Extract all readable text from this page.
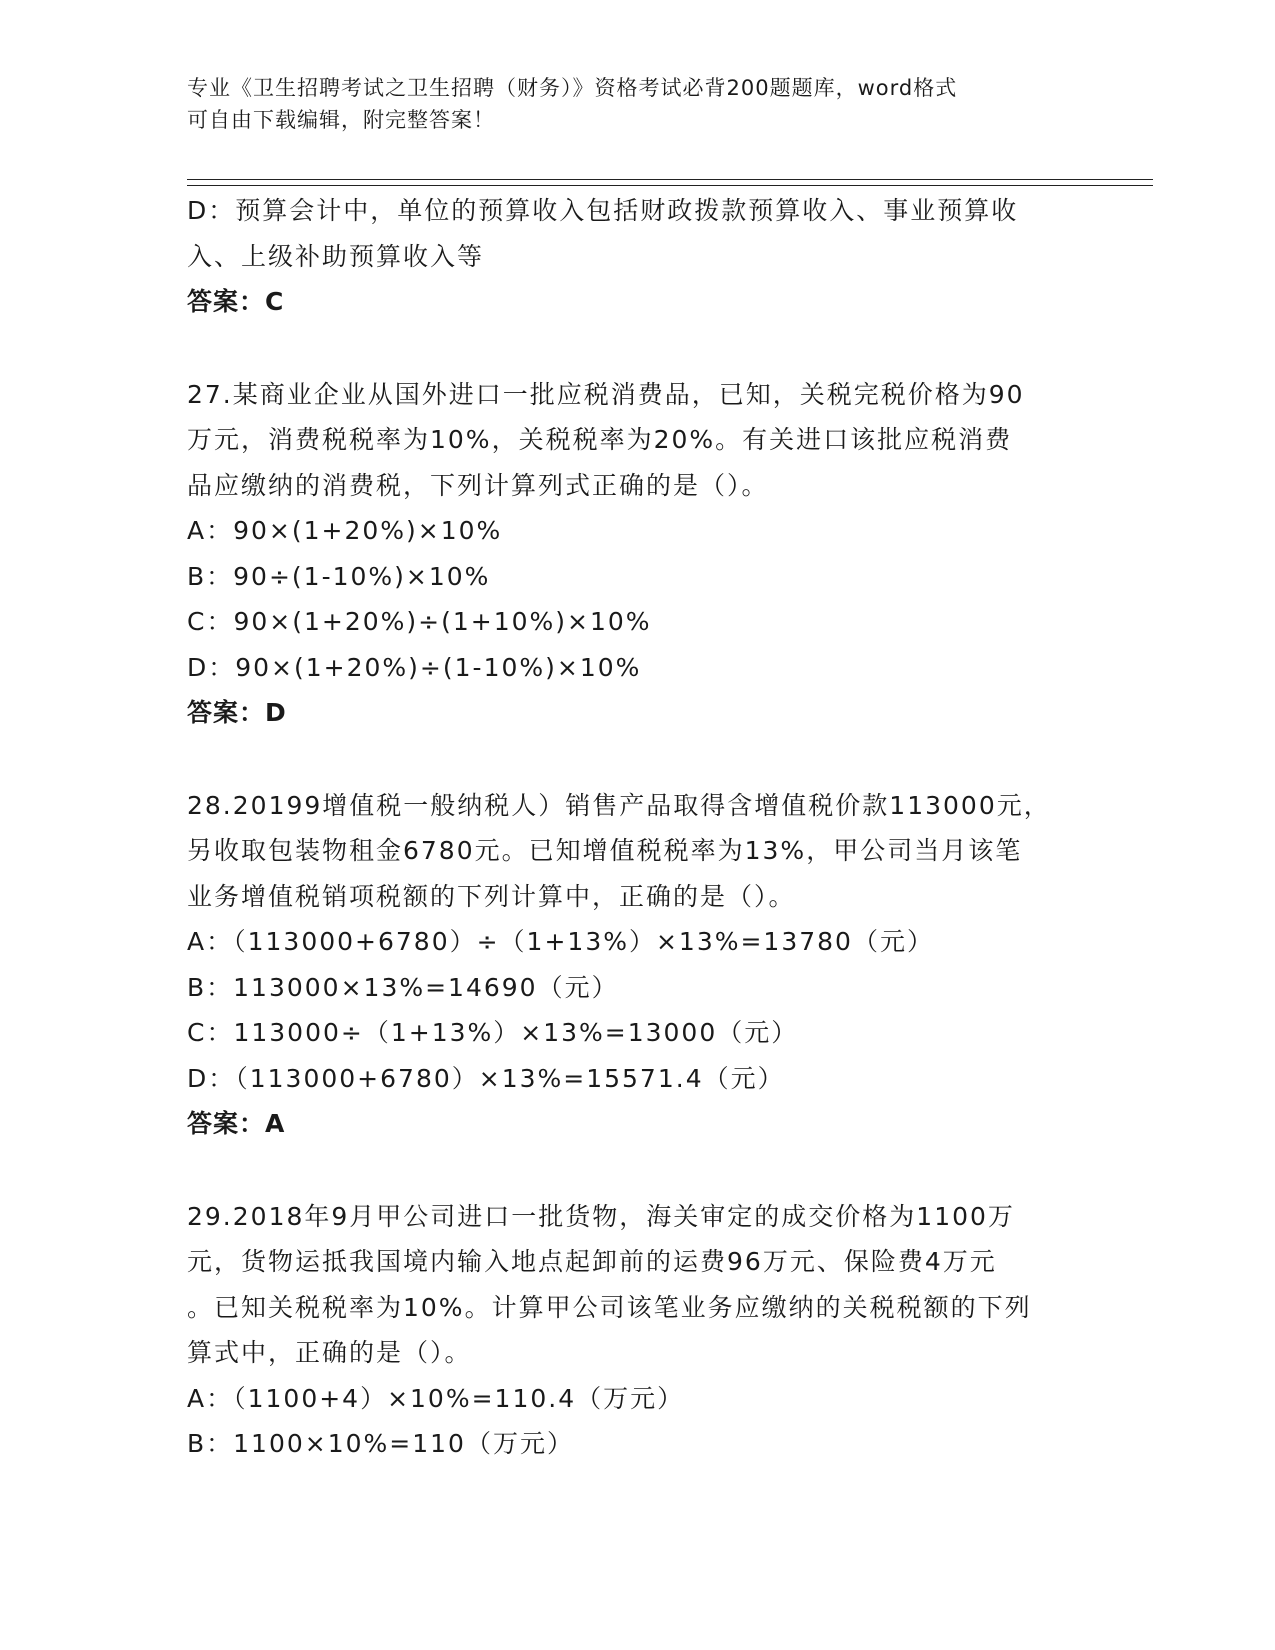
专业《卫生招聘考试之卫生招聘（财务）》资格考试必背200题题库，word格式
可自由下载编辑，附完整答案！
D：预算会计中，单位的预算收入包括财政拨款预算收入、事业预算收
入、上级补助预算收入等
答案：C
27.某商业企业从国外进口一批应税消费品，已知，关税完税价格为90
万元，消费税税率为10%，关税税率为20%。有关进口该批应税消费
品应缴纳的消费税，下列计算列式正确的是（）。
A：90×(1+20%)×10%
B：90÷(1-10%)×10%
C：90×(1+20%)÷(1+10%)×10%
D：90×(1+20%)÷(1-10%)×10%
答案：D
28.20199增值税一般纳税人）销售产品取得含增值税价款113000元，
另收取包装物租金6780元。已知增值税税率为13%，甲公司当月该笔
业务增值税销项税额的下列计算中，正确的是（）。
A：（113000+6780）÷（1+13%）×13%=13780（元）
B：113000×13%=14690（元）
C：113000÷（1+13%）×13%=13000（元）
D：（113000+6780）×13%=15571.4（元）
答案：A
29.2018年9月甲公司进口一批货物，海关审定的成交价格为1100万
元，货物运抵我国境内输入地点起卸前的运费96万元、保险费4万元
。已知关税税率为10%。计算甲公司该笔业务应缴纳的关税税额的下列
算式中，正确的是（）。
A：（1100+4）×10%=110.4（万元）
B：1100×10%=110（万元）
